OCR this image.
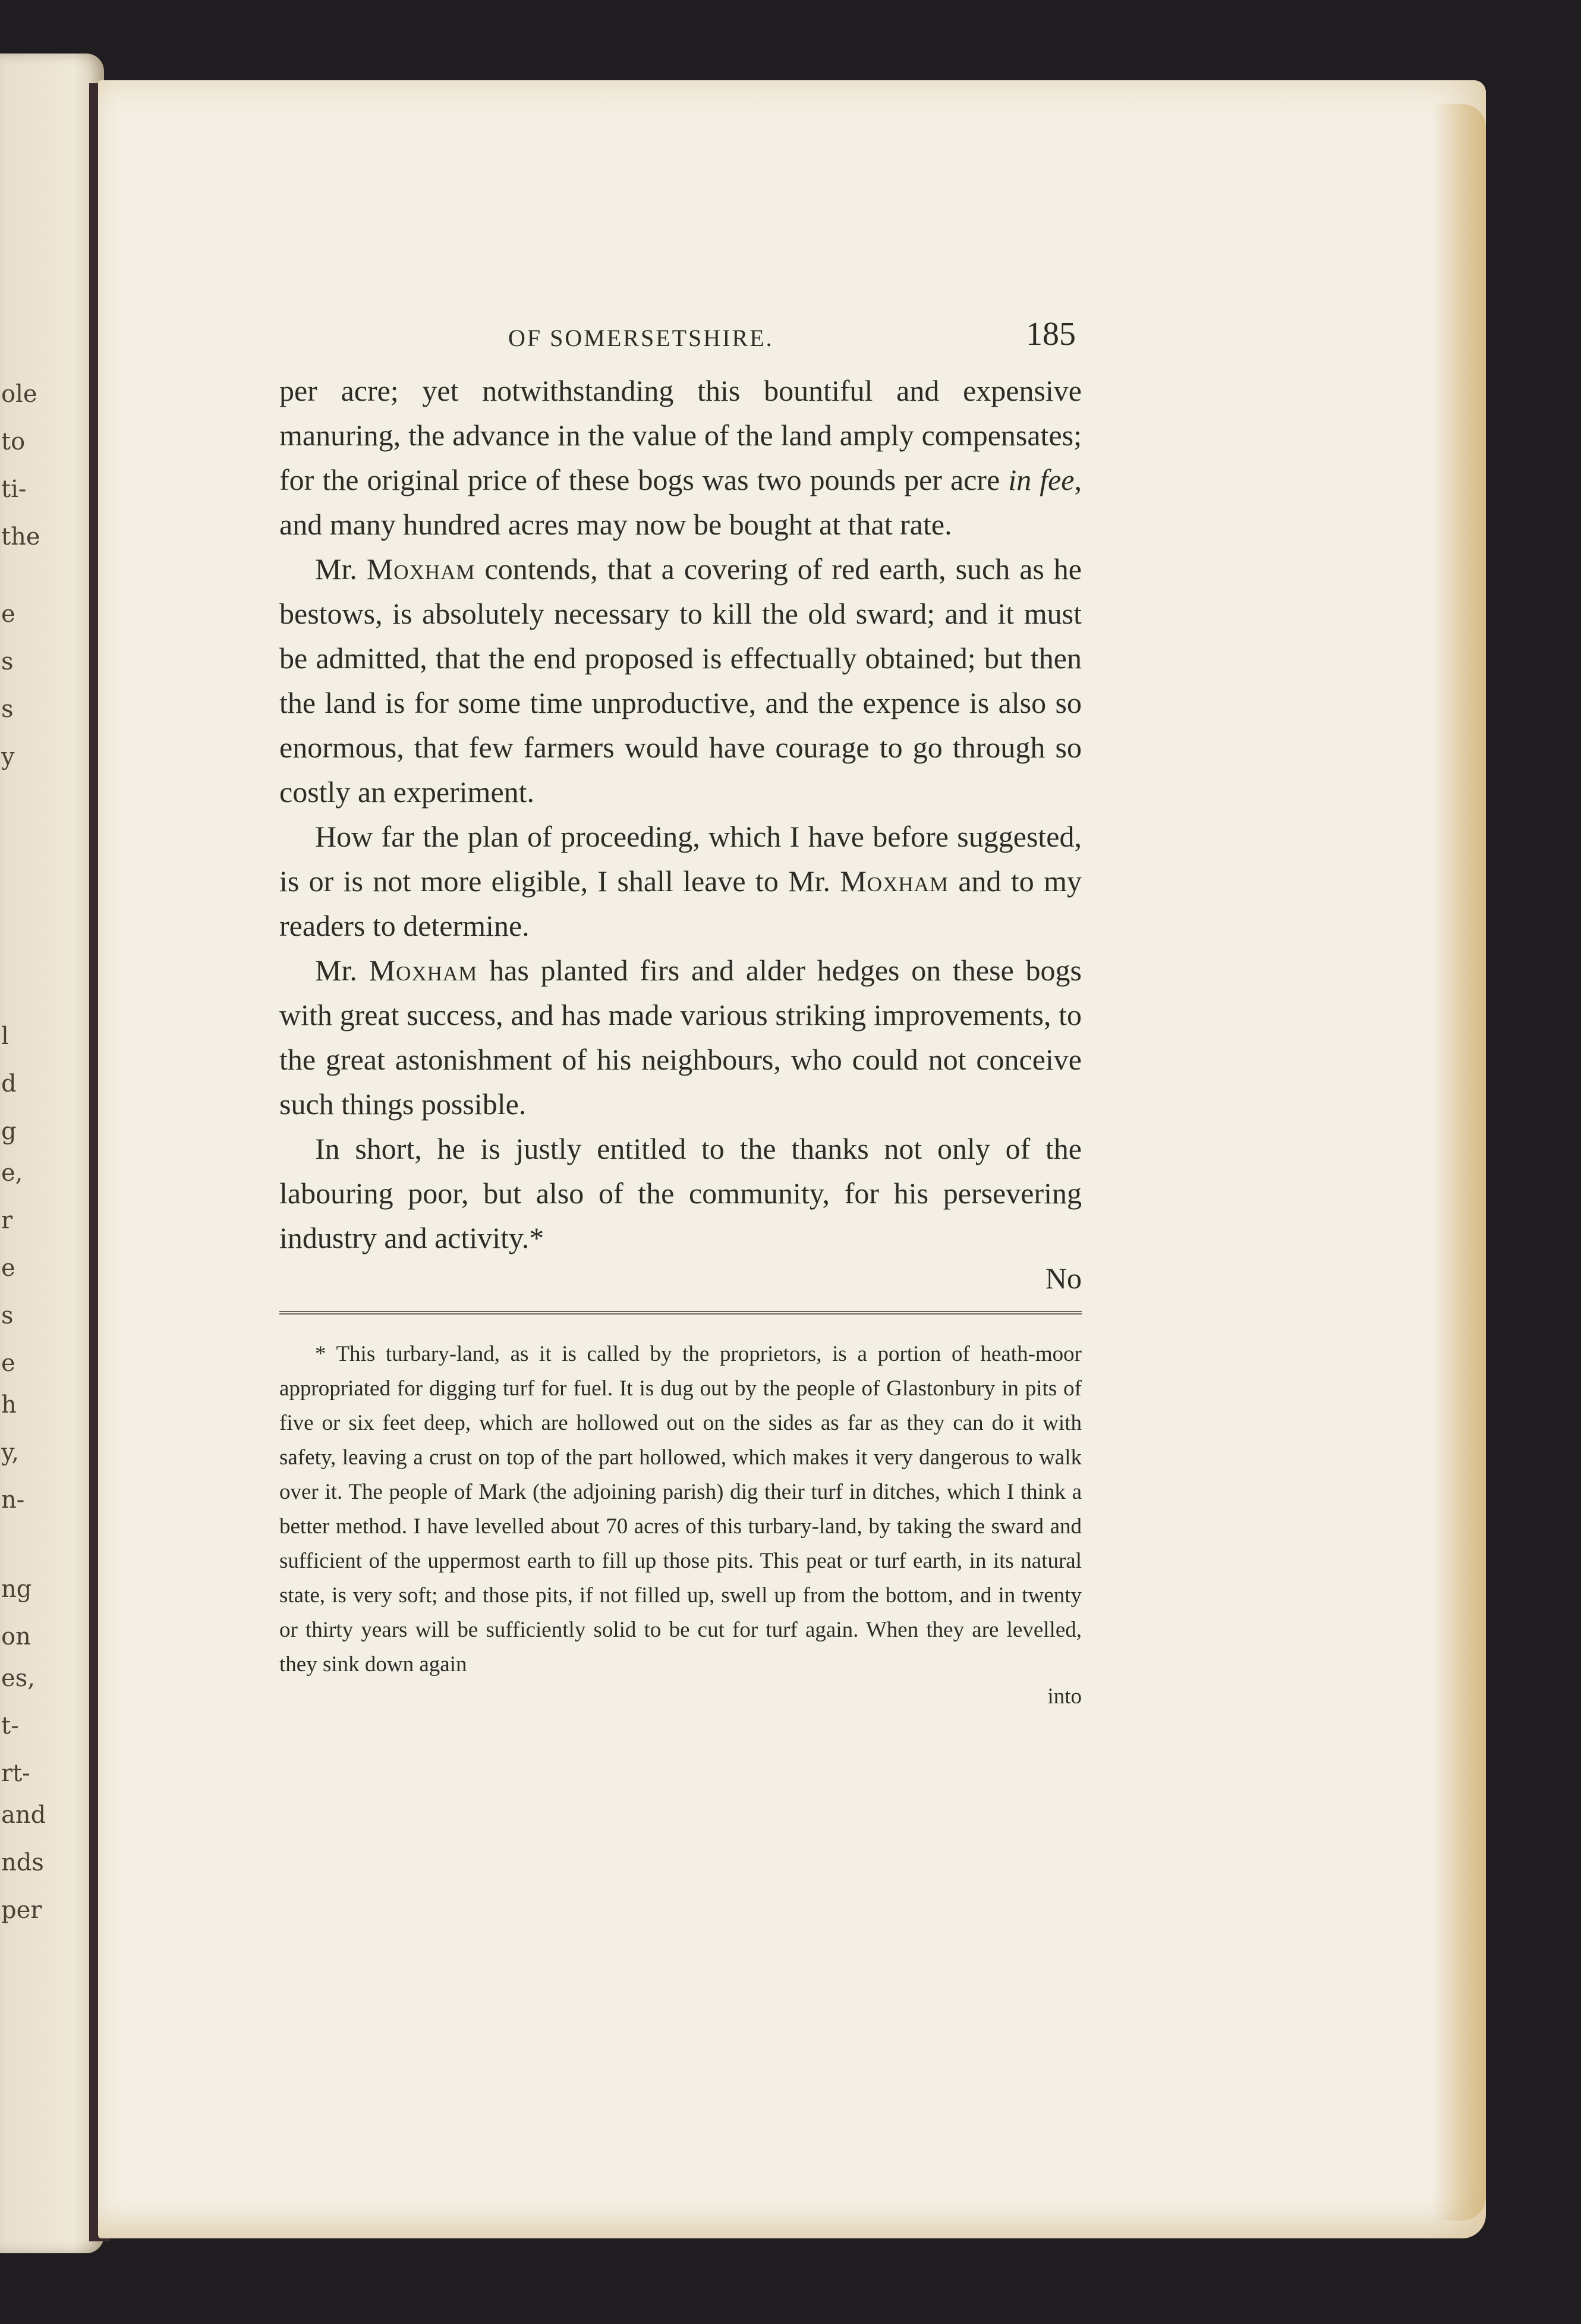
ole
to
ti-
the
e
s
s
y
l
d
g
e,
r
e
s
e
h
y,
n-
ng
on
es,
t-
rt-
and
nds
per
OF SOMERSETSHIRE.	185

per acre; yet notwithstanding this bountiful and expensive manuring, the advance in the value of the land amply compensates; for the original price of these bogs was two pounds per acre in fee, and many hundred acres may now be bought at that rate.

Mr. Moxham contends, that a covering of red earth, such as he bestows, is absolutely necessary to kill the old sward; and it must be admitted, that the end proposed is effectually obtained; but then the land is for some time unproductive, and the expence is also so enormous, that few farmers would have courage to go through so costly an experiment.

How far the plan of proceeding, which I have before suggested, is or is not more eligible, I shall leave to Mr. Moxham and to my readers to determine.

Mr. Moxham has planted firs and alder hedges on these bogs with great success, and has made various striking improvements, to the great astonishment of his neighbours, who could not conceive such things possible.

In short, he is justly entitled to the thanks not only of the labouring poor, but also of the community, for his persevering industry and activity.*

No
* This turbary-land, as it is called by the proprietors, is a portion of heath-moor appropriated for digging turf for fuel. It is dug out by the people of Glastonbury in pits of five or six feet deep, which are hollowed out on the sides as far as they can do it with safety, leaving a crust on top of the part hollowed, which makes it very dangerous to walk over it. The people of Mark (the adjoining parish) dig their turf in ditches, which I think a better method. I have levelled about 70 acres of this turbary-land, by taking the sward and sufficient of the uppermost earth to fill up those pits. This peat or turf earth, in its natural state, is very soft; and those pits, if not filled up, swell up from the bottom, and in twenty or thirty years will be sufficiently solid to be cut for turf again. When they are levelled, they sink down again
into
